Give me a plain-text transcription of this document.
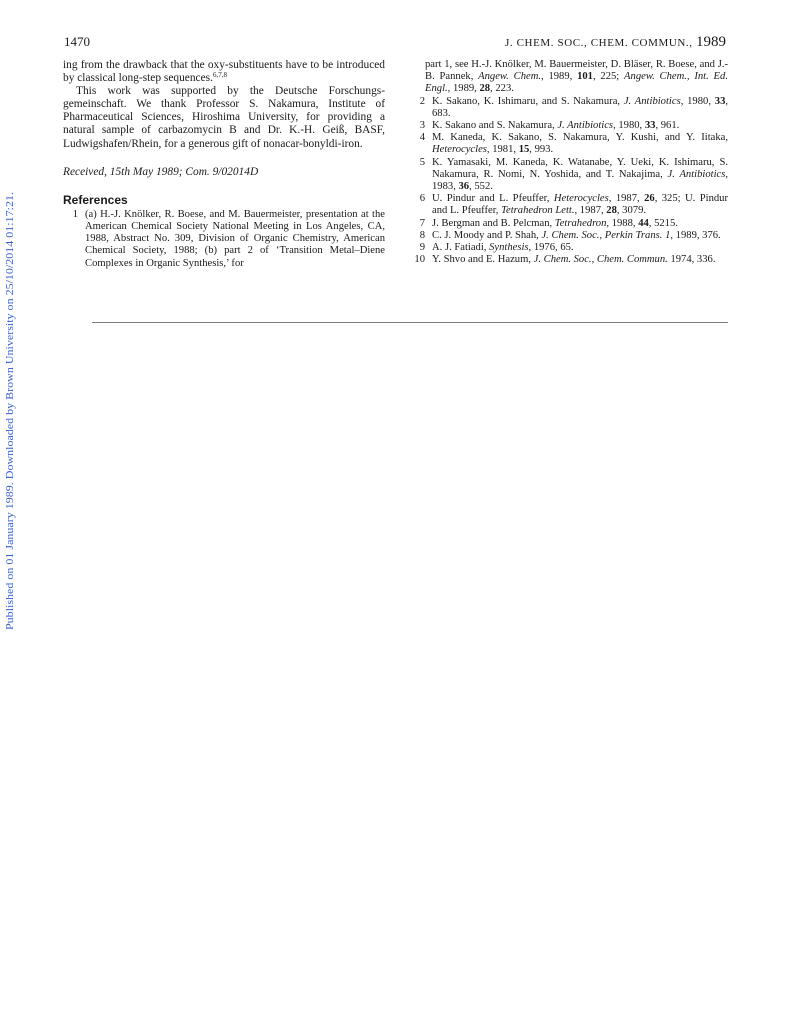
Published on 01 January 1989. Downloaded by Brown University on 25/10/2014 01:17:21.
1470	J. CHEM. SOC., CHEM. COMMUN., 1989

ing from the drawback that the oxy-substituents have to be introduced by classical long-step sequences.$^{6,7,8}$

This work was supported by the Deutsche Forschungs-gemeinschaft. We thank Professor S. Nakamura, Institute of Pharmaceutical Sciences, Hiroshima University, for providing a natural sample of carbazomycin B and Dr. K.-H. Geiß, BASF, Ludwigshafen/Rhein, for a generous gift of nonacar-bonyldi-iron.

Received, 15th May 1989; Com. 9/02014D

References
1 (a) H.-J. Knölker, R. Boese, and M. Bauermeister, presentation at the American Chemical Society National Meeting in Los Angeles, CA, 1988, Abstract No. 309, Division of Organic Chemistry, American Chemical Society, 1988; (b) part 2 of ‘Transition Metal–Diene Complexes in Organic Synthesis,’ for
part 1, see H.-J. Knölker, M. Bauermeister, D. Bläser, R. Boese, and J.-B. Pannek, Angew. Chem., 1989, 101, 225; Angew. Chem., Int. Ed. Engl., 1989, 28, 223.
2 K. Sakano, K. Ishimaru, and S. Nakamura, J. Antibiotics, 1980, 33, 683.
3 K. Sakano and S. Nakamura, J. Antibiotics, 1980, 33, 961.
4 M. Kaneda, K. Sakano, S. Nakamura, Y. Kushi, and Y. Iitaka, Heterocycles, 1981, 15, 993.
5 K. Yamasaki, M. Kaneda, K. Watanabe, Y. Ueki, K. Ishimaru, S. Nakamura, R. Nomi, N. Yoshida, and T. Nakajima, J. Antibiotics, 1983, 36, 552.
6 U. Pindur and L. Pfeuffer, Heterocycles, 1987, 26, 325; U. Pindur and L. Pfeuffer, Tetrahedron Lett., 1987, 28, 3079.
7 J. Bergman and B. Pelcman, Tetrahedron, 1988, 44, 5215.
8 C. J. Moody and P. Shah, J. Chem. Soc., Perkin Trans. 1, 1989, 376.
9 A. J. Fatiadi, Synthesis, 1976, 65.
10 Y. Shvo and E. Hazum, J. Chem. Soc., Chem. Commun. 1974, 336.
